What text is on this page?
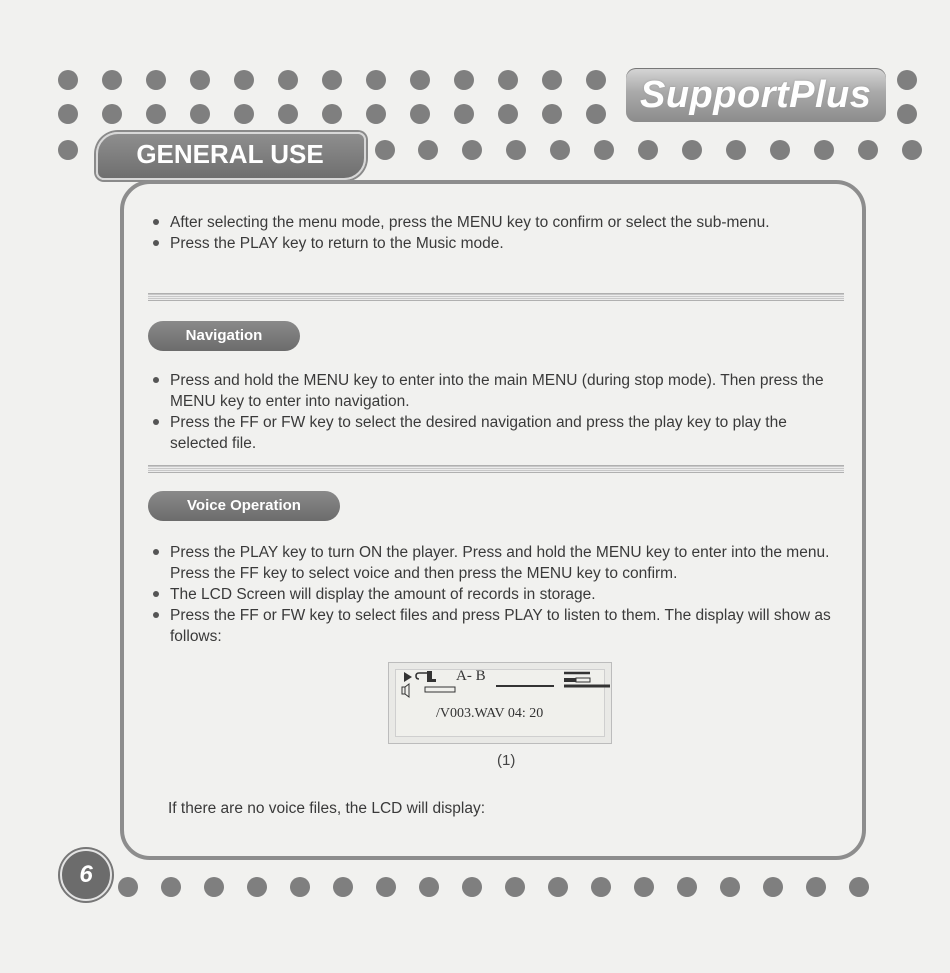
SupportPlus
GENERAL USE
After selecting the menu mode, press the MENU key to confirm or select the sub-menu.
Press the PLAY key to return to the Music mode.
Navigation
Press and hold the MENU key to enter into the main MENU (during stop mode). Then press the MENU key to enter into navigation.
Press the FF or FW key to select the desired navigation and press the play key to play the selected file.
Voice Operation
Press the PLAY key to turn ON the player. Press and hold the MENU key to enter into the menu. Press the FF key to select voice and then press the MENU key to confirm.
The LCD Screen will display the amount of records in storage.
Press the FF or FW key to select files and press PLAY to listen to them. The display will show as follows:
A- B
/V003.WAV 04: 20
(1)
If there are no voice files, the LCD will display:
6
